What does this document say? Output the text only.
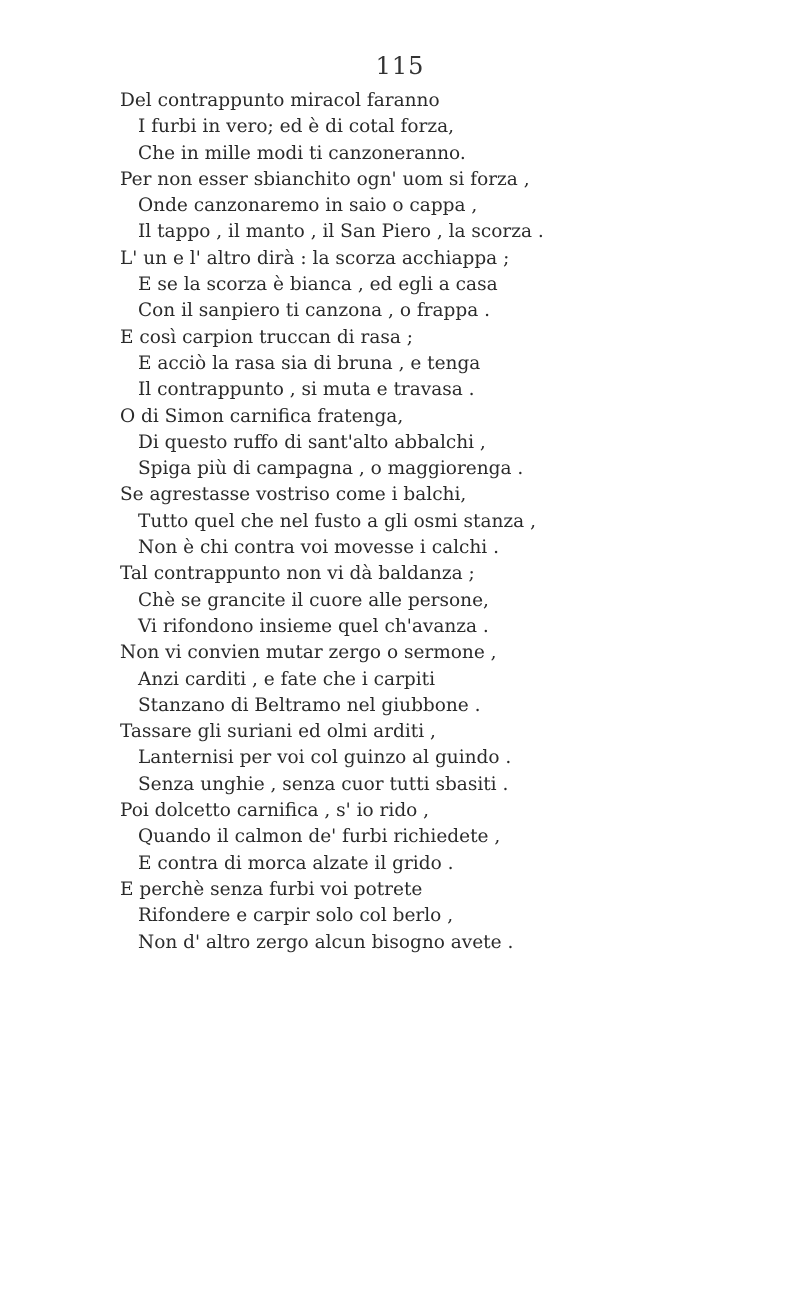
115
Del contrappunto miracol faranno
I furbi in vero; ed è di cotal forza,
Che in mille modi ti canzoneranno.
Per non esser sbianchito ogn' uom si forza ,
Onde canzonaremo in saio o cappa ,
Il tappo , il manto , il San Piero , la scorza .
L' un e l' altro dirà : la scorza acchiappa ;
E se la scorza è bianca , ed egli a casa
Con il sanpiero ti canzona , o frappa .
E così carpion truccan di rasa ;
E acciò la rasa sia di bruna , e tenga
Il contrappunto , si muta e travasa .
O di Simon carnifica fratenga,
Di questo ruffo di sant'alto abbalchi ,
Spiga più di campagna , o maggiorenga .
Se agrestasse vostriso come i balchi,
Tutto quel che nel fusto a gli osmi stanza ,
Non è chi contra voi movesse i calchi .
Tal contrappunto non vi dà baldanza ;
Chè se grancite il cuore alle persone,
Vi rifondono insieme quel ch'avanza .
Non vi convien mutar zergo o sermone ,
Anzi carditi , e fate che i carpiti
Stanzano di Beltramo nel giubbone .
Tassare gli suriani ed olmi arditi ,
Lanternisi per voi col guinzo al guindo .
Senza unghie , senza cuor tutti sbasiti .
Poi dolcetto carnifica , s' io rido ,
Quando il calmon de' furbi richiedete ,
E contra di morca alzate il grido .
E perchè senza furbi voi potrete
Rifondere e carpir solo col berlo ,
Non d' altro zergo alcun bisogno avete .
